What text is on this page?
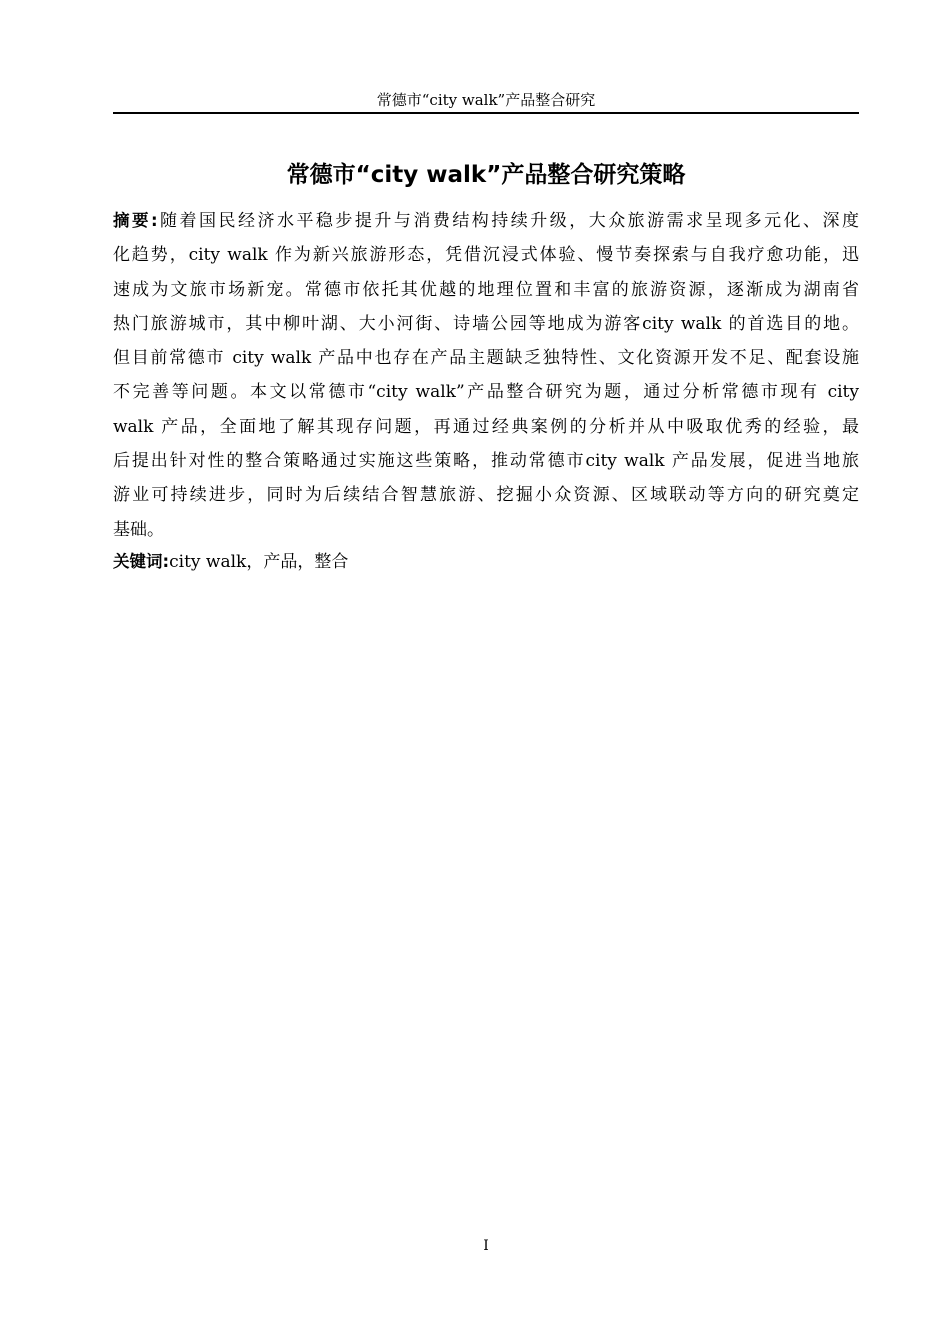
常德市“city walk”产品整合研究
常德市“city walk”产品整合研究策略
摘要:随着国民经济水平稳步提升与消费结构持续升级，大众旅游需求呈现多元化、深度
化趋势，city walk 作为新兴旅游形态，凭借沉浸式体验、慢节奏探索与自我疗愈功能，迅
速成为文旅市场新宠。常德市依托其优越的地理位置和丰富的旅游资源，逐渐成为湖南省
热门旅游城市，其中柳叶湖、大小河街、诗墙公园等地成为游客city walk 的首选目的地。
但目前常德市 city walk 产品中也存在产品主题缺乏独特性、文化资源开发不足、配套设施
不完善等问题。本文以常德市“city walk”产品整合研究为题，通过分析常德市现有 city
walk 产品，全面地了解其现存问题，再通过经典案例的分析并从中吸取优秀的经验，最
后提出针对性的整合策略通过实施这些策略，推动常德市city walk 产品发展，促进当地旅
游业可持续进步，同时为后续结合智慧旅游、挖掘小众资源、区域联动等方向的研究奠定
基础。
关键词:city walk，产品，整合
I
